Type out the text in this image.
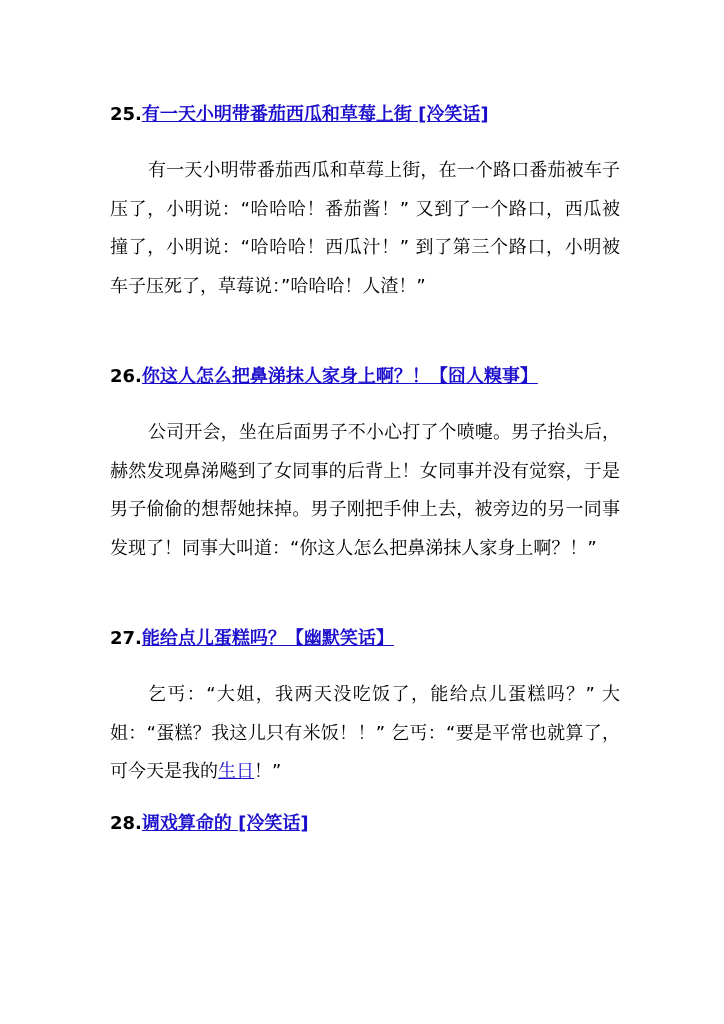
25.有一天小明带番茄西瓜和草莓上街 [冷笑话]

有一天小明带番茄西瓜和草莓上街，在一个路口番茄被车子压了，小明说：“哈哈哈！番茄酱！” 又到了一个路口，西瓜被撞了，小明说：“哈哈哈！西瓜汁！” 到了第三个路口，小明被车子压死了，草莓说：”哈哈哈！人渣！”

26.你这人怎么把鼻涕抹人家身上啊？！【囧人糗事】

公司开会，坐在后面男子不小心打了个喷嚏。男子抬头后，赫然发现鼻涕飚到了女同事的后背上！女同事并没有觉察，于是男子偷偷的想帮她抹掉。男子刚把手伸上去，被旁边的另一同事发现了！同事大叫道：“你这人怎么把鼻涕抹人家身上啊？！”

27.能给点儿蛋糕吗？【幽默笑话】

乞丐：“大姐，我两天没吃饭了，能给点儿蛋糕吗？” 大姐：“蛋糕？我这儿只有米饭！！” 乞丐：“要是平常也就算了，可今天是我的生日！”

28.调戏算命的 [冷笑话]
